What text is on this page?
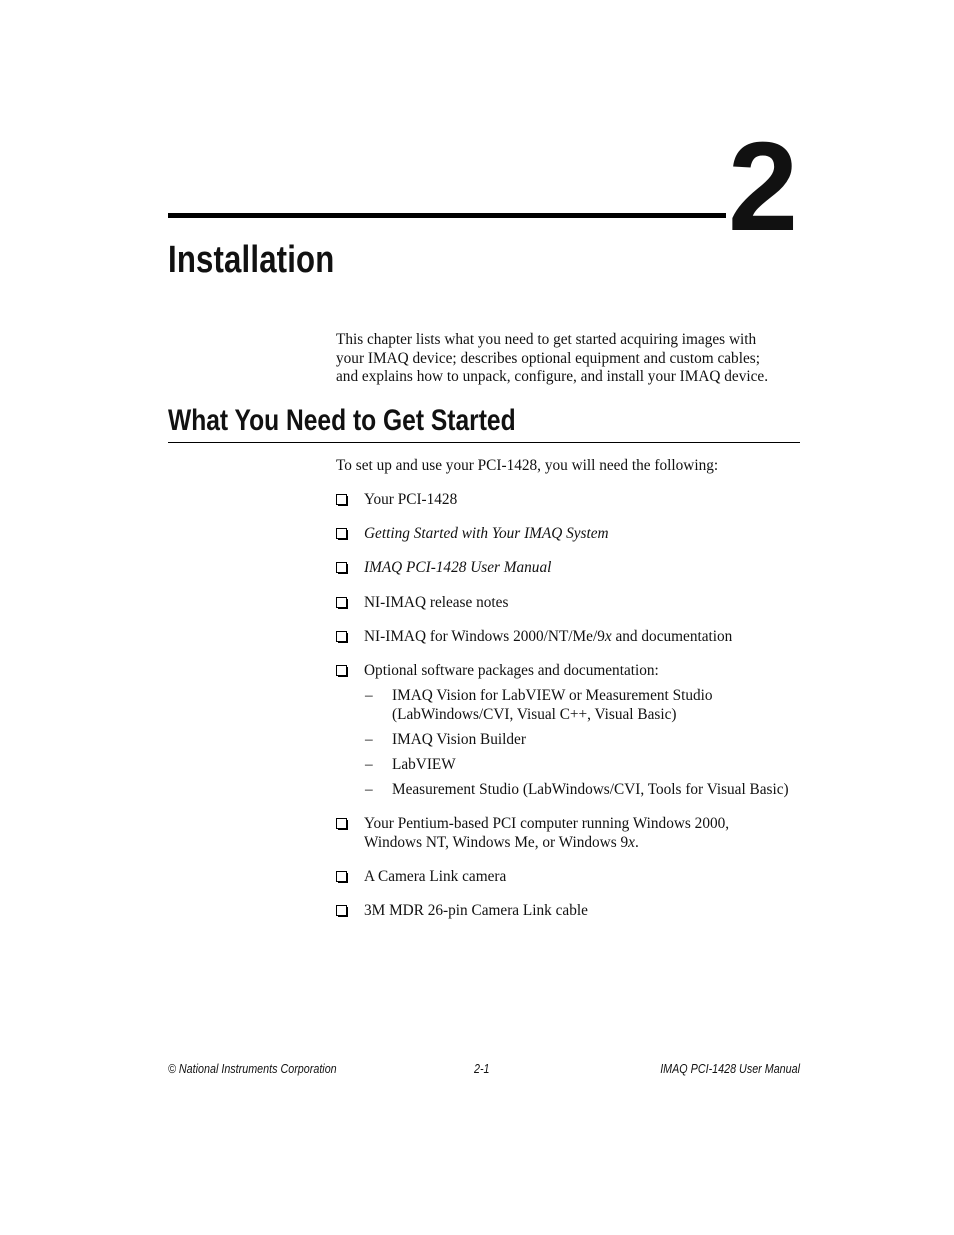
2
Installation

This chapter lists what you need to get started acquiring images with

your IMAQ device; describes optional equipment and custom cables;

and explains how to unpack, configure, and install your IMAQ device.

What You Need to Get Started
To set up and use your PCI-1428, you will need the following:
Your PCI-1428
Getting Started with Your IMAQ System
IMAQ PCI-1428 User Manual
NI-IMAQ release notes
NI-IMAQ for Windows 2000/NT/Me/9x and documentation
Optional software packages and documentation:
– IMAQ Vision for LabVIEW or Measurement Studio
(LabWindows/CVI, Visual C++, Visual Basic)
– IMAQ Vision Builder
– LabVIEW
– Measurement Studio (LabWindows/CVI, Tools for Visual Basic)
Your Pentium-based PCI computer running Windows 2000,
Windows NT, Windows Me, or Windows 9x.
A Camera Link camera
3M MDR 26-pin Camera Link cable
© National Instruments Corporation	2-1	IMAQ PCI-1428 User Manual
